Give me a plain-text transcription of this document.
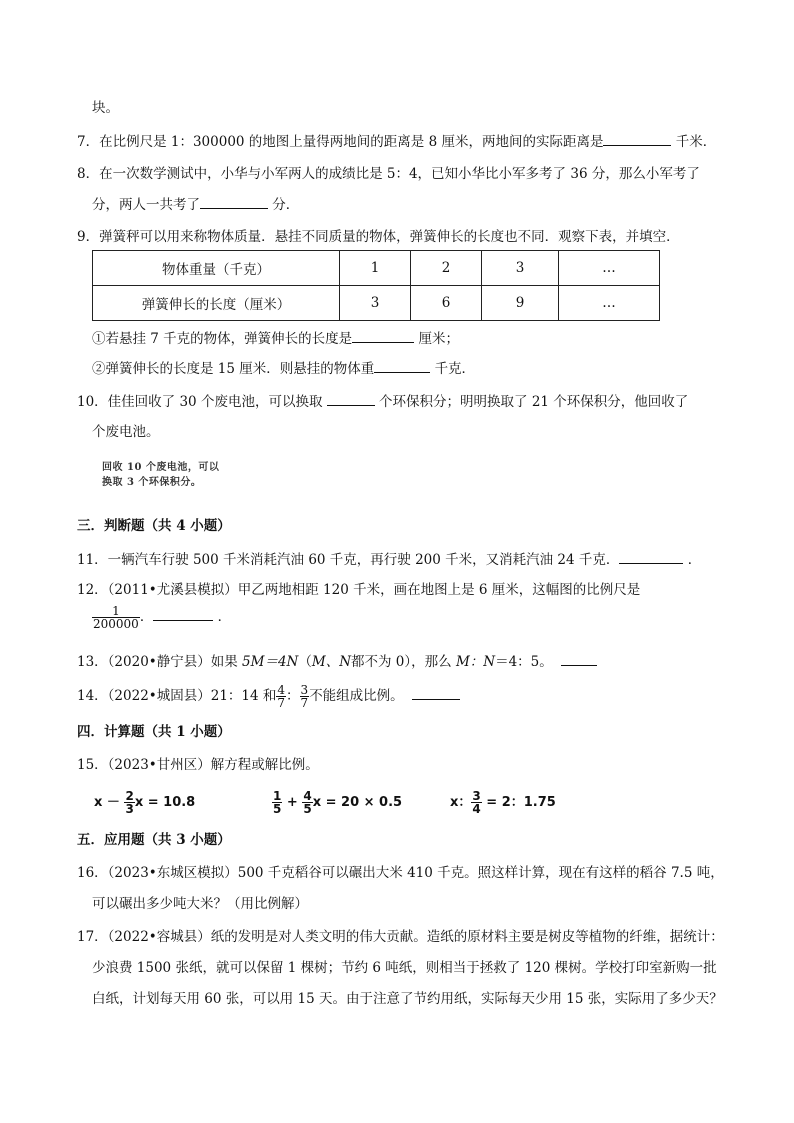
块。
7．在比例尺是 1：300000 的地图上量得两地间的距离是 8 厘米，两地间的实际距离是	千米．
8．在一次数学测试中，小华与小军两人的成绩比是 5：4，已知小华比小军多考了 36 分，那么小军考了
分，两人一共考了	分．
9．弹簧秤可以用来称物体质量．悬挂不同质量的物体，弹簧伸长的长度也不同．观察下表，并填空．
物体重量（千克）	1	2	3	…
弹簧伸长的长度（厘米）	3	6	9	…
①若悬挂 7 千克的物体，弹簧伸长的长度是	厘米；
②弹簧伸长的长度是 15 厘米．则悬挂的物体重	千克．
10．佳佳回收了 30 个废电池，可以换取	个环保积分；明明换取了 21 个环保积分，他回收了
个废电池。
回收 10 个废电池，可以
换取 3 个环保积分。
三．判断题（共 4 小题）
11．一辆汽车行驶 500 千米消耗汽油 60 千克，再行驶 200 千米，又消耗汽油 24 千克．	．
12．（2011•尤溪县模拟）甲乙两地相距 120 千米，画在地图上是 6 厘米，这幅图的比例尺是
$\frac{1}{200000}$ ．	．
13．（2020•静宁县）如果 5M＝4N（M、N都不为 0），那么 M：N＝4：5。
14．（2022•城固县）21：14 和 $\frac{4}{7}$ ： $\frac{3}{7}$ 不能组成比例。
四．计算题（共 1 小题）
15．（2023•甘州区）解方程或解比例。
$x - \frac{2}{3}$ x = 10.8	$\frac{1}{5} + \frac{4}{5}$ x = 20 × 0.5	x： $\frac{3}{4} = 2$：1.75
五．应用题（共 3 小题）
16．（2023•东城区模拟）500 千克稻谷可以碾出大米 410 千克。照这样计算，现在有这样的稻谷 7.5 吨，
可以碾出多少吨大米？（用比例解）
17．（2022•容城县）纸的发明是对人类文明的伟大贡献。造纸的原材料主要是树皮等植物的纤维，据统计：
少浪费 1500 张纸，就可以保留 1 棵树；节约 6 吨纸，则相当于拯救了 120 棵树。学校打印室新购一批
白纸，计划每天用 60 张，可以用 15 天。由于注意了节约用纸，实际每天少用 15 张，实际用了多少天？
